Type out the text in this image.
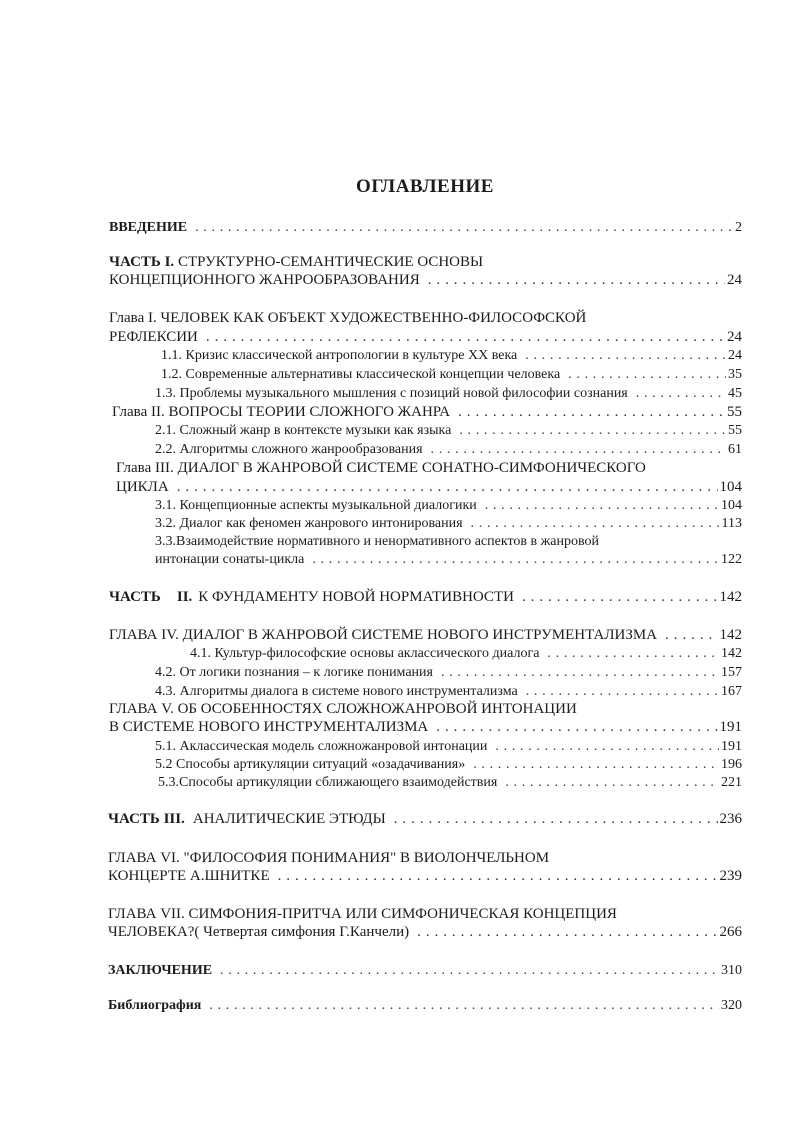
ОГЛАВЛЕНИЕ
ВВЕДЕНИЕ . . .	2
ЧАСТЬ I. СТРУКТУРНО-СЕМАНТИЧЕСКИЕ ОСНОВЫ
КОНЦЕПЦИОННОГО ЖАНРООБРАЗОВАНИЯ . . .	24
Глава I. ЧЕЛОВЕК КАК ОБЪЕКТ ХУДОЖЕСТВЕННО-ФИЛОСОФСКОЙ
РЕФЛЕКСИИ . . .	24
1.1. Кризис классической антропологии в культуре ХХ века . . .	24
1.2. Современные альтернативы классической концепции человека . . .	35
1.3. Проблемы музыкального мышления с позиций новой философии сознания . . .	45
Глава II. ВОПРОСЫ ТЕОРИИ СЛОЖНОГО ЖАНРА . . .	55
2.1. Сложный жанр в контексте музыки как языка . . .	55
2.2. Алгоритмы сложного жанрообразования . . .	61
Глава III. ДИАЛОГ В ЖАНРОВОЙ СИСТЕМЕ СОНАТНО-СИМФОНИЧЕСКОГО
ЦИКЛА . . .	104
3.1. Концепционные аспекты музыкальной диалогики . . .	104
3.2. Диалог как феномен жанрового интонирования . . .	113
3.3.Взаимодействие нормативного и ненормативного аспектов в жанровой
интонации сонаты-цикла . . .	122
ЧАСТЬ II. К ФУНДАМЕНТУ НОВОЙ НОРМАТИВНОСТИ . . .	142
ГЛАВА IV. ДИАЛОГ В ЖАНРОВОЙ СИСТЕМЕ НОВОГО ИНСТРУМЕНТАЛИЗМА . . .	142
4.1. Культур-философские основы аклассического диалога . . .	142
4.2. От логики познания – к логике понимания . . .	157
4.3. Алгоритмы диалога в системе нового инструментализма . . .	167
ГЛАВА V. ОБ ОСОБЕННОСТЯХ СЛОЖНОЖАНРОВОЙ ИНТОНАЦИИ
В СИСТЕМЕ НОВОГО ИНСТРУМЕНТАЛИЗМА . . .	191
5.1. Аклассическая модель сложножанровой интонации . . .	191
5.2 Способы артикуляции ситуаций «озадачивания» . . .	196
5.3.Способы артикуляции сближающего взаимодействия . . .	221
ЧАСТЬ III. АНАЛИТИЧЕСКИЕ ЭТЮДЫ . . .	236
ГЛАВА VI. "ФИЛОСОФИЯ ПОНИМАНИЯ" В ВИОЛОНЧЕЛЬНОМ
КОНЦЕРТЕ А.ШНИТКЕ . . .	239
ГЛАВА VII. СИМФОНИЯ-ПРИТЧА ИЛИ СИМФОНИЧЕСКАЯ КОНЦЕПЦИЯ
ЧЕЛОВЕКА?( Четвертая симфония Г.Канчели) . . .	266
ЗАКЛЮЧЕНИЕ . . .	310
Библиография . . .	320
